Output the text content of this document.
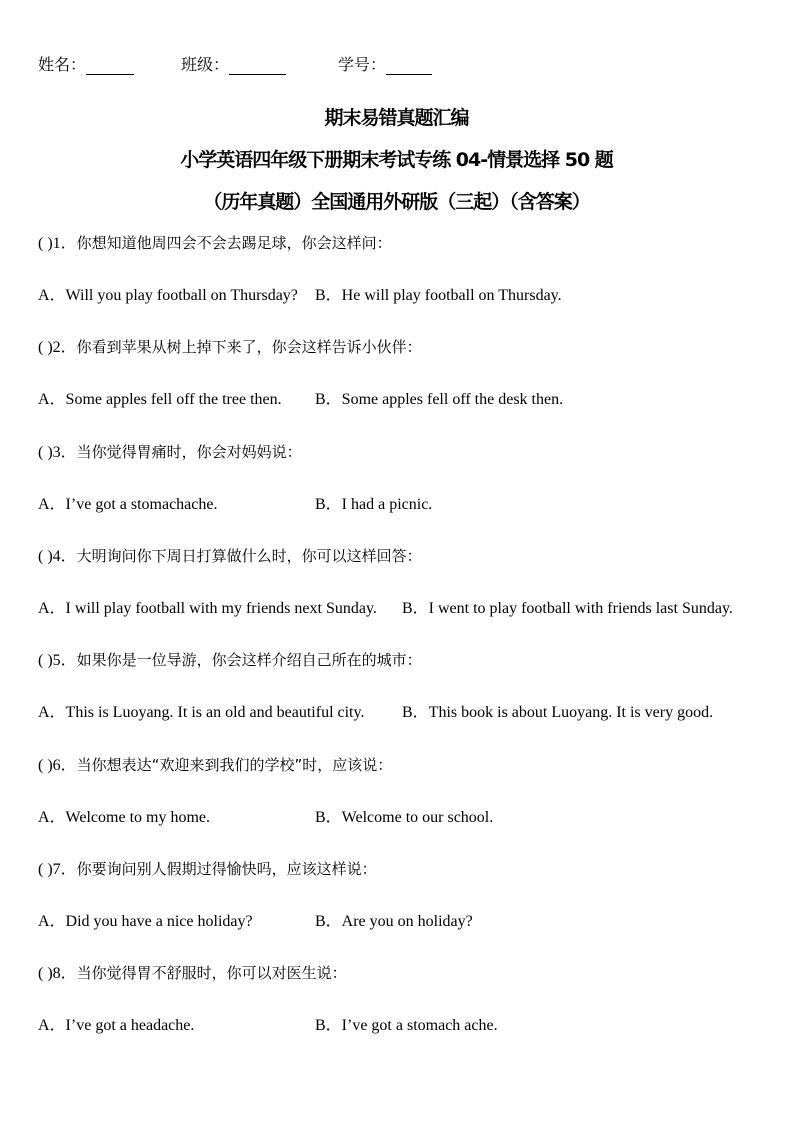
姓名：	班级：	学号：
期末易错真题汇编
小学英语四年级下册期末考试专练 04-情景选择 50 题
（历年真题）全国通用外研版（三起）（含答案）
( )1．你想知道他周四会不会去踢足球，你会这样问：
A．Will you play football on Thursday? B．He will play football on Thursday.
( )2．你看到苹果从树上掉下来了，你会这样告诉小伙伴：
A．Some apples fell off the tree then. B．Some apples fell off the desk then.
( )3．当你觉得胃痛时，你会对妈妈说：
A．I’ve got a stomachache.	B．I had a picnic.
( )4．大明询问你下周日打算做什么时，你可以这样回答：
A．I will play football with my friends next Sunday. B．I went to play football with friends last Sunday.
( )5．如果你是一位导游，你会这样介绍自己所在的城市：
A．This is Luoyang. It is an old and beautiful city. B．This book is about Luoyang. It is very good.
( )6．当你想表达“欢迎来到我们的学校”时，应该说：
A．Welcome to my home.	B．Welcome to our school.
( )7．你要询问别人假期过得愉快吗，应该这样说：
A．Did you have a nice holiday?	B．Are you on holiday?
( )8．当你觉得胃不舒服时，你可以对医生说：
A．I’ve got a headache.	B．I’ve got a stomach ache.
